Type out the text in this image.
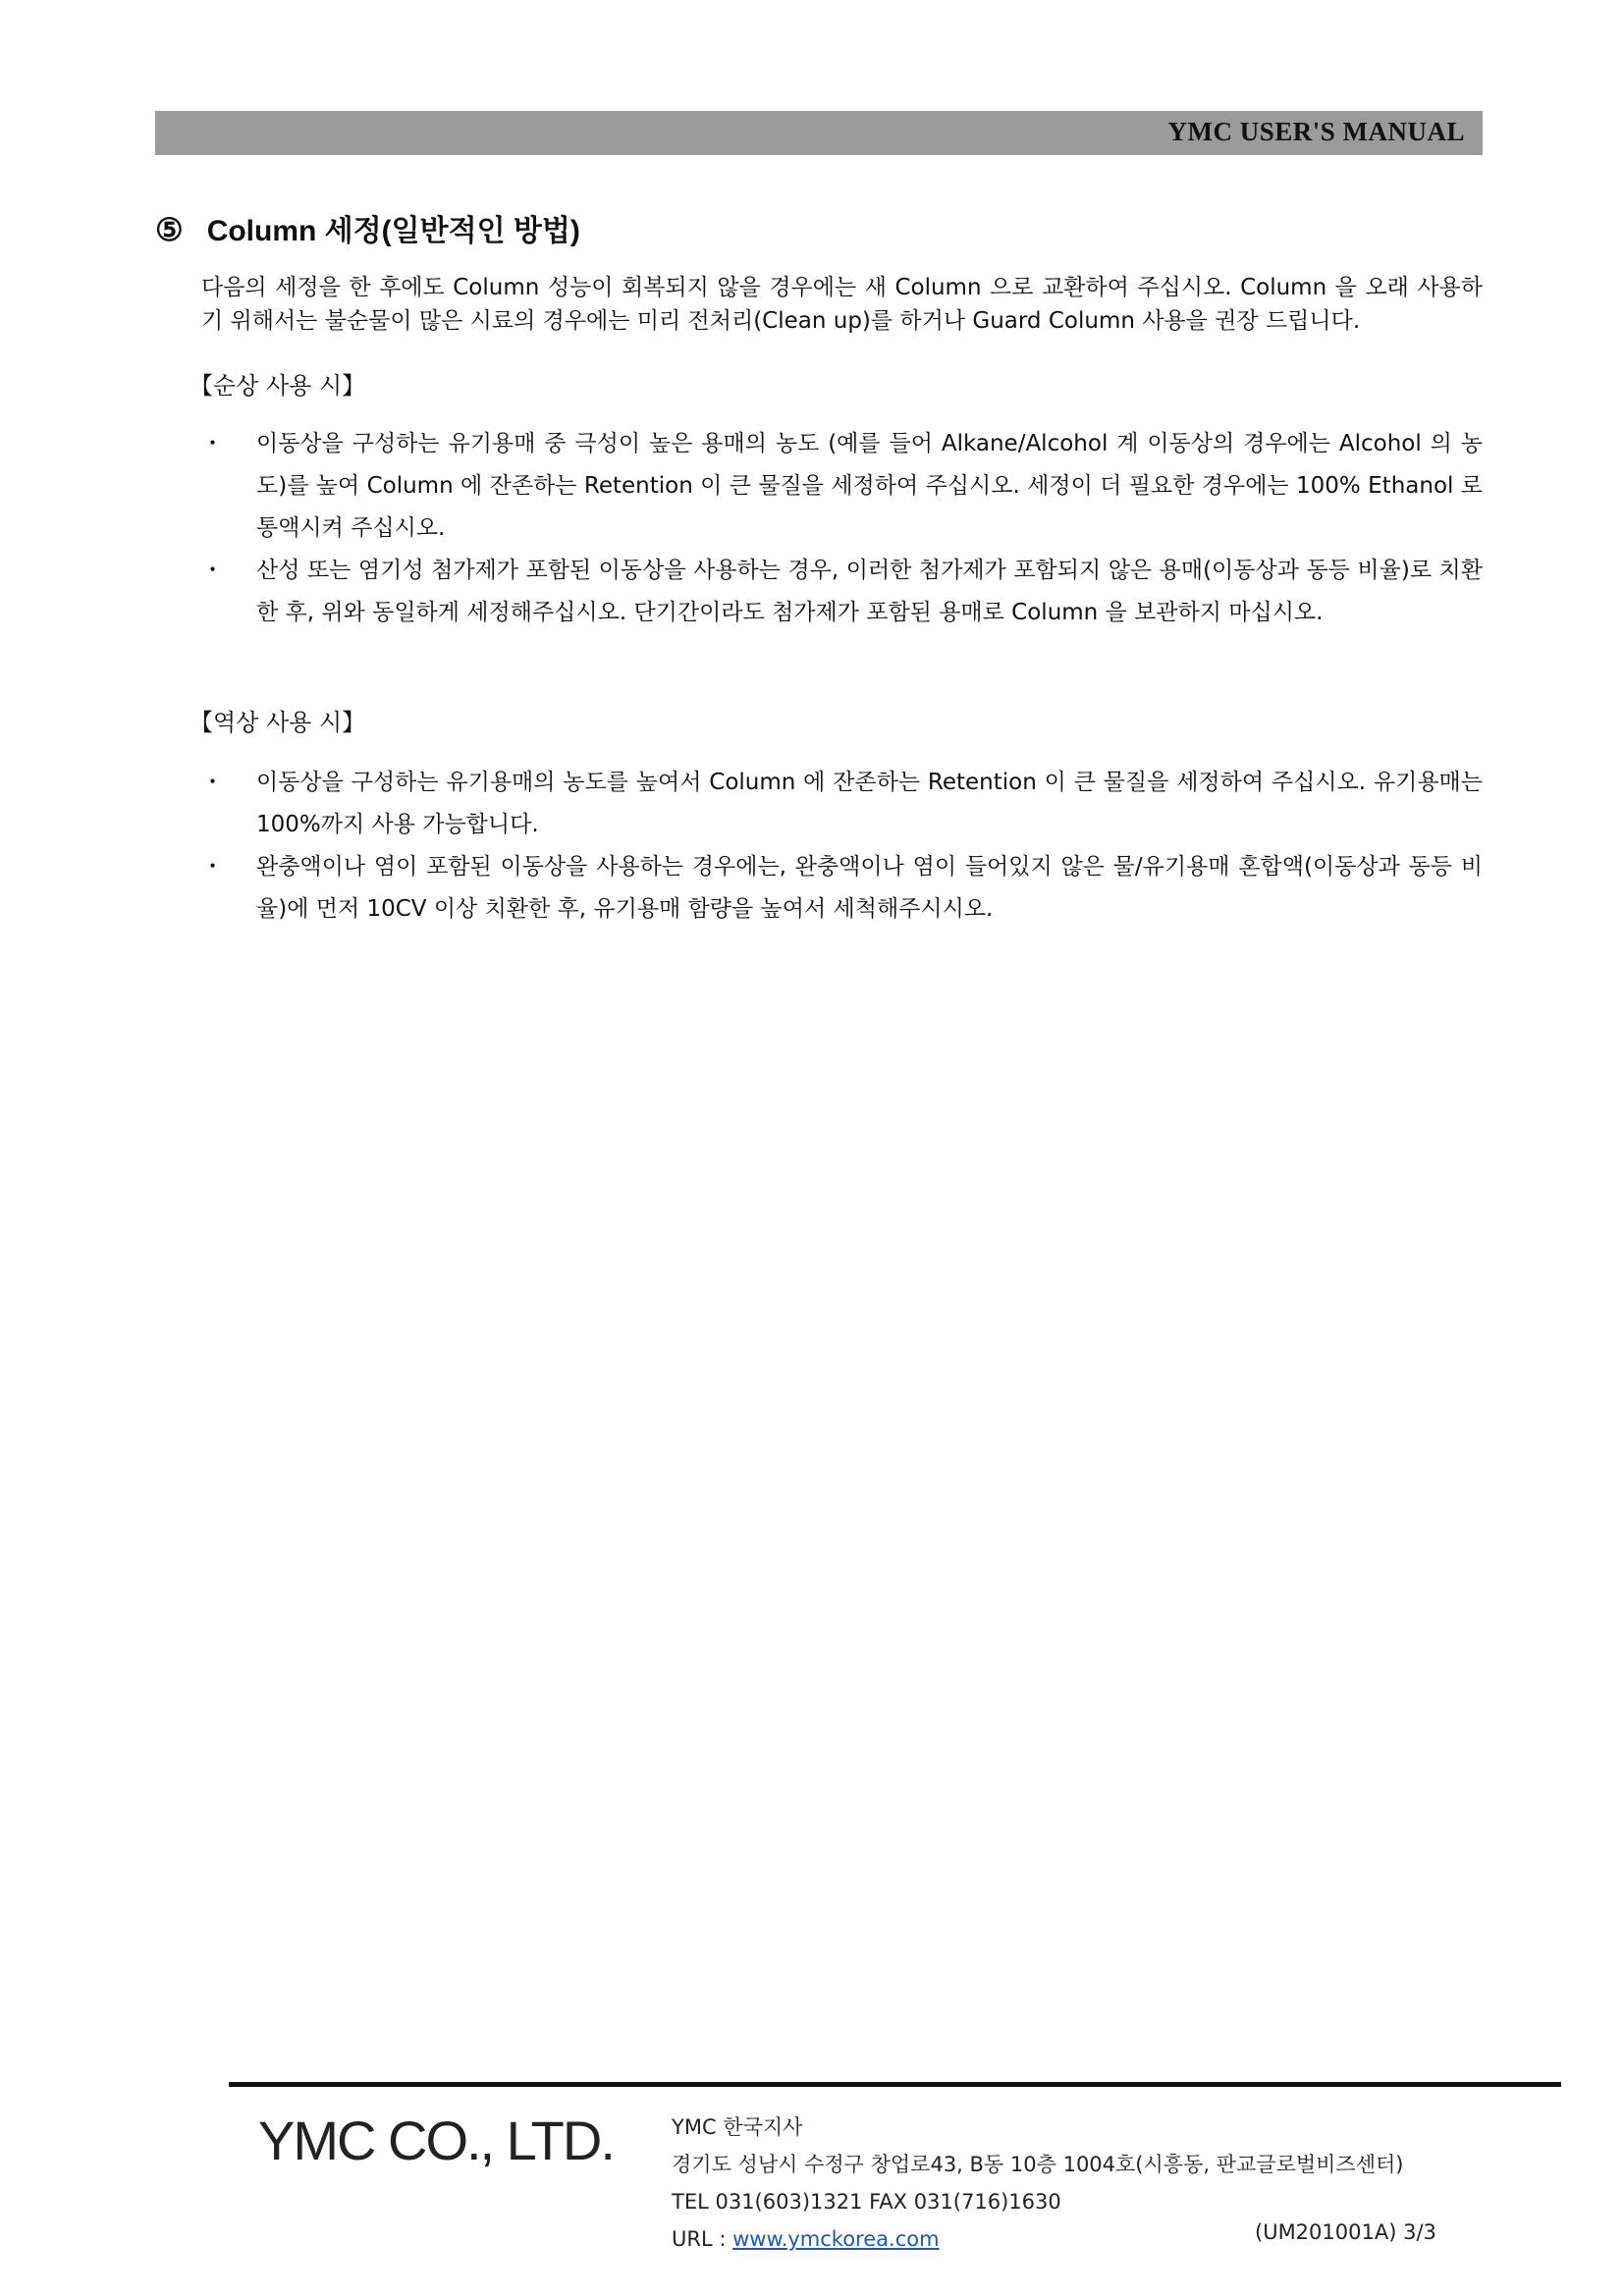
YMC USER'S MANUAL
⑤ Column 세정(일반적인 방법)
다음의 세정을 한 후에도 Column 성능이 회복되지 않을 경우에는 새 Column 으로 교환하여 주십시오. Column 을 오래 사용하기 위해서는 불순물이 많은 시료의 경우에는 미리 전처리(Clean up)를 하거나 Guard Column 사용을 권장 드립니다.
【순상 사용 시】
・ 이동상을 구성하는 유기용매 중 극성이 높은 용매의 농도 (예를 들어 Alkane/Alcohol 계 이동상의 경우에는 Alcohol 의 농도)를 높여 Column 에 잔존하는 Retention 이 큰 물질을 세정하여 주십시오. 세정이 더 필요한 경우에는 100% Ethanol 로 통액시켜 주십시오.
・ 산성 또는 염기성 첨가제가 포함된 이동상을 사용하는 경우, 이러한 첨가제가 포함되지 않은 용매(이동상과 동등 비율)로 치환한 후, 위와 동일하게 세정해주십시오. 단기간이라도 첨가제가 포함된 용매로 Column 을 보관하지 마십시오.
【역상 사용 시】
・ 이동상을 구성하는 유기용매의 농도를 높여서 Column 에 잔존하는 Retention 이 큰 물질을 세정하여 주십시오. 유기용매는 100%까지 사용 가능합니다.
・ 완충액이나 염이 포함된 이동상을 사용하는 경우에는, 완충액이나 염이 들어있지 않은 물/유기용매 혼합액(이동상과 동등 비율)에 먼저 10CV 이상 치환한 후, 유기용매 함량을 높여서 세척해주시시오.
YMC CO., LTD.	YMC 한국지사
경기도 성남시 수정구 창업로43, B동 10층 1004호(시흥동, 판교글로벌비즈센터)
TEL 031(603)1321 FAX 031(716)1630
URL : www.ymckorea.com	(UM201001A) 3/3
